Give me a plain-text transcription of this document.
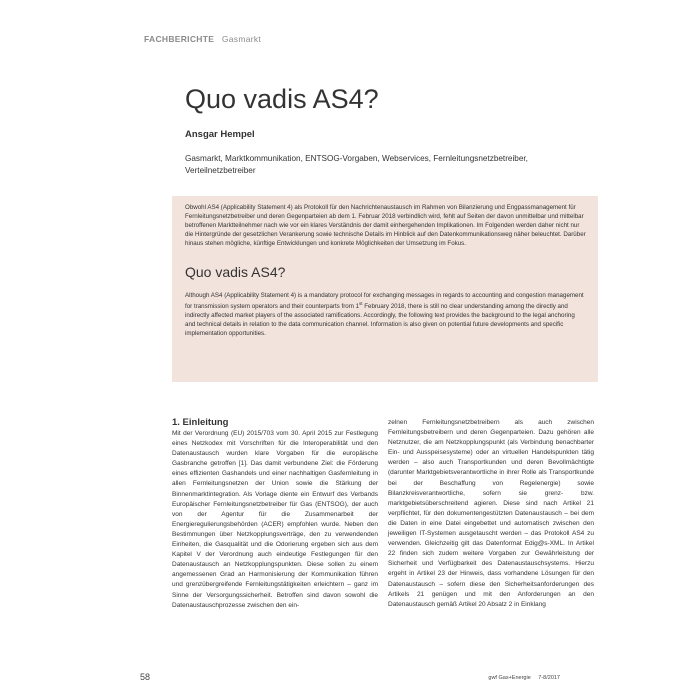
FACHBERICHTE Gasmarkt
Quo vadis AS4?
Ansgar Hempel
Gasmarkt, Marktkommunikation, ENTSOG-Vorgaben, Webservices, Fernleitungsnetzbetreiber, Verteilnetzbetreiber

Obwohl AS4 (Applicability Statement 4) als Protokoll für den Nachrichtenaustausch im Rahmen von Bilanzierung und Engpassmanagement für Fernleitungsnetzbetreiber und deren Gegenparteien ab dem 1. Februar 2018 verbindlich wird, fehlt auf Seiten der davon unmittelbar und mittelbar betroffenen Marktteilnehmer nach wie vor ein klares Verständnis der damit einhergehenden Implikationen. Im Folgenden werden daher nicht nur die Hintergründe der gesetzlichen Verankerung sowie technische Details im Hinblick auf den Datenkommunikationsweg näher beleuchtet. Darüber hinaus stehen mögliche, künftige Entwicklungen und konkrete Möglichkeiten der Umsetzung im Fokus.

Quo vadis AS4?

Although AS4 (Applicability Statement 4) is a mandatory protocol for exchanging messages in regards to accounting and congestion management for transmission system operators and their counterparts from 1st February 2018, there is still no clear understanding among the directly and indirectly affected market players of the associated ramifications. Accordingly, the following text provides the background to the legal anchoring and technical details in relation to the data communication channel. Information is also given on potential future developments and specific implementation opportunities.

1. Einleitung

Mit der Verordnung (EU) 2015/703 vom 30. April 2015 zur Festlegung eines Netzkodex mit Vorschriften für die Interoperabilität und den Datenaustausch wurden klare Vorgaben für die europäische Gasbranche getroffen [1]. Das damit verbundene Ziel: die Förderung eines effizienten Gashandels und einer nachhaltigen Gasfernleitung in allen Fernleitungsnetzen der Union sowie die Stärkung der Binnenmarktintegration. Als Vorlage diente ein Entwurf des Verbands Europäischer Fernleitungsnetzbetreiber für Gas (ENTSOG), der auch von der Agentur für die Zusammenarbeit der Energieregulierungsbehörden (ACER) empfohlen wurde. Neben den Bestimmungen über Netzkopplungsverträge, den zu verwendenden Einheiten, die Gasqualität und die Odorierung ergeben sich aus dem Kapitel V der Verordnung auch eindeutige Festlegungen für den Datenaustausch an Netzkopplungspunkten. Diese sollen zu einem angemessenen Grad an Harmonisierung der Kommunikation führen und grenzübergreifende Fernleitungstätigkeiten erleichtern – ganz im Sinne der Versorgungssicherheit. Betroffen sind davon sowohl die Datenaustauschprozesse zwischen den ein-

zelnen Fernleitungsnetzbetreibern als auch zwischen Fernleitungsbetreibern und deren Gegenparteien. Dazu gehören alle Netznutzer, die am Netzkopplungspunkt (als Verbindung benachbarter Ein- und Ausspeisesysteme) oder an virtuellen Handelspunkten tätig werden – also auch Transportkunden und deren Bevollmächtigte (darunter Marktgebietsverantwortliche in ihrer Rolle als Transportkunde bei der Beschaffung von Regelenergie) sowie Bilanzkreisverantwortliche, sofern sie grenz- bzw. marktgebietsüberschreitend agieren. Diese sind nach Artikel 21 verpflichtet, für den dokumentengestützten Datenaustausch – bei dem die Daten in eine Datei eingebettet und automatisch zwischen den jeweiligen IT-Systemen ausgetauscht werden – das Protokoll AS4 zu verwenden. Gleichzeitig gilt das Datenformat Edig@s-XML. In Artikel 22 finden sich zudem weitere Vorgaben zur Gewährleistung der Sicherheit und Verfügbarkeit des Datenaustauschsystems. Hierzu ergeht in Artikel 23 der Hinweis, dass vorhandene Lösungen für den Datenaustausch – sofern diese den Sicherheitsanforderungen des Artikels 21 genügen und mit den Anforderungen an den Datenaustausch gemäß Artikel 20 Absatz 2 in Einklang

58	gwf Gas+Energie 7-8/2017
